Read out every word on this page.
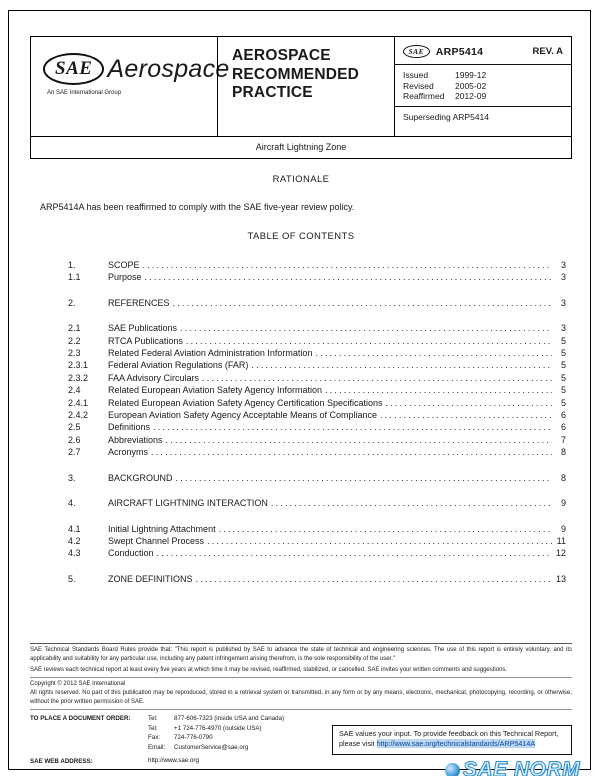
SAE Aerospace
An SAE International Group
AEROSPACE RECOMMENDED PRACTICE
SAE	ARP5414	REV. A
Issued	1999-12
Revised	2005-02
Reaffirmed	2012-09
Superseding ARP5414
Aircraft Lightning Zone
RATIONALE

ARP5414A has been reaffirmed to comply with the SAE five-year review policy.

TABLE OF CONTENTS
1.	SCOPE .....	3
1.1	Purpose .....	3
2.	REFERENCES .....	3
2.1	SAE Publications .....	3
2.2	RTCA Publications .....	5
2.3	Related Federal Aviation Administration Information .....	5
2.3.1	Federal Aviation Regulations (FAR) .....	5
2.3.2	FAA Advisory Circulars .....	5
2.4	Related European Aviation Safety Agency Information .....	5
2.4.1	Related European Aviation Safety Agency Certification Specifications .....	5
2.4.2	European Aviation Safety Agency Acceptable Means of Compliance .....	6
2.5	Definitions .....	6
2.6	Abbreviations .....	7
2.7	Acronyms .....	8
3.	BACKGROUND .....	8
4.	AIRCRAFT LIGHTNING INTERACTION .....	9
4.1	Initial Lightning Attachment .....	9
4.2	Swept Channel Process .....	11
4.3	Conduction .....	12
5.	ZONE DEFINITIONS .....	13
SAE Technical Standards Board Rules provide that: "This report is published by SAE to advance the state of technical and engineering sciences. The use of this report is entirely voluntary, and its applicability and suitability for any particular use, including any patent infringement arising therefrom, is the sole responsibility of the user."
SAE reviews each technical report at least every five years at which time it may be revised, reaffirmed, stabilized, or cancelled. SAE invites your written comments and suggestions.
Copyright © 2012 SAE International
All rights reserved. No part of this publication may be reproduced, stored in a retrieval system or transmitted, in any form or by any means, electronic, mechanical, photocopying, recording, or otherwise, without the prior written permission of SAE.
TO PLACE A DOCUMENT ORDER:	Tel:	877-606-7323 (inside USA and Canada)
Tel:	+1 724-776-4970 (outside USA)
Fax:	724-776-0790
Email:	CustomerService@sae.org
SAE WEB ADDRESS:	http://www.sae.org
SAE values your input. To provide feedback on this Technical Report, please visit http://www.sae.org/technicalstandards/ARP5414A
SAE NORM
